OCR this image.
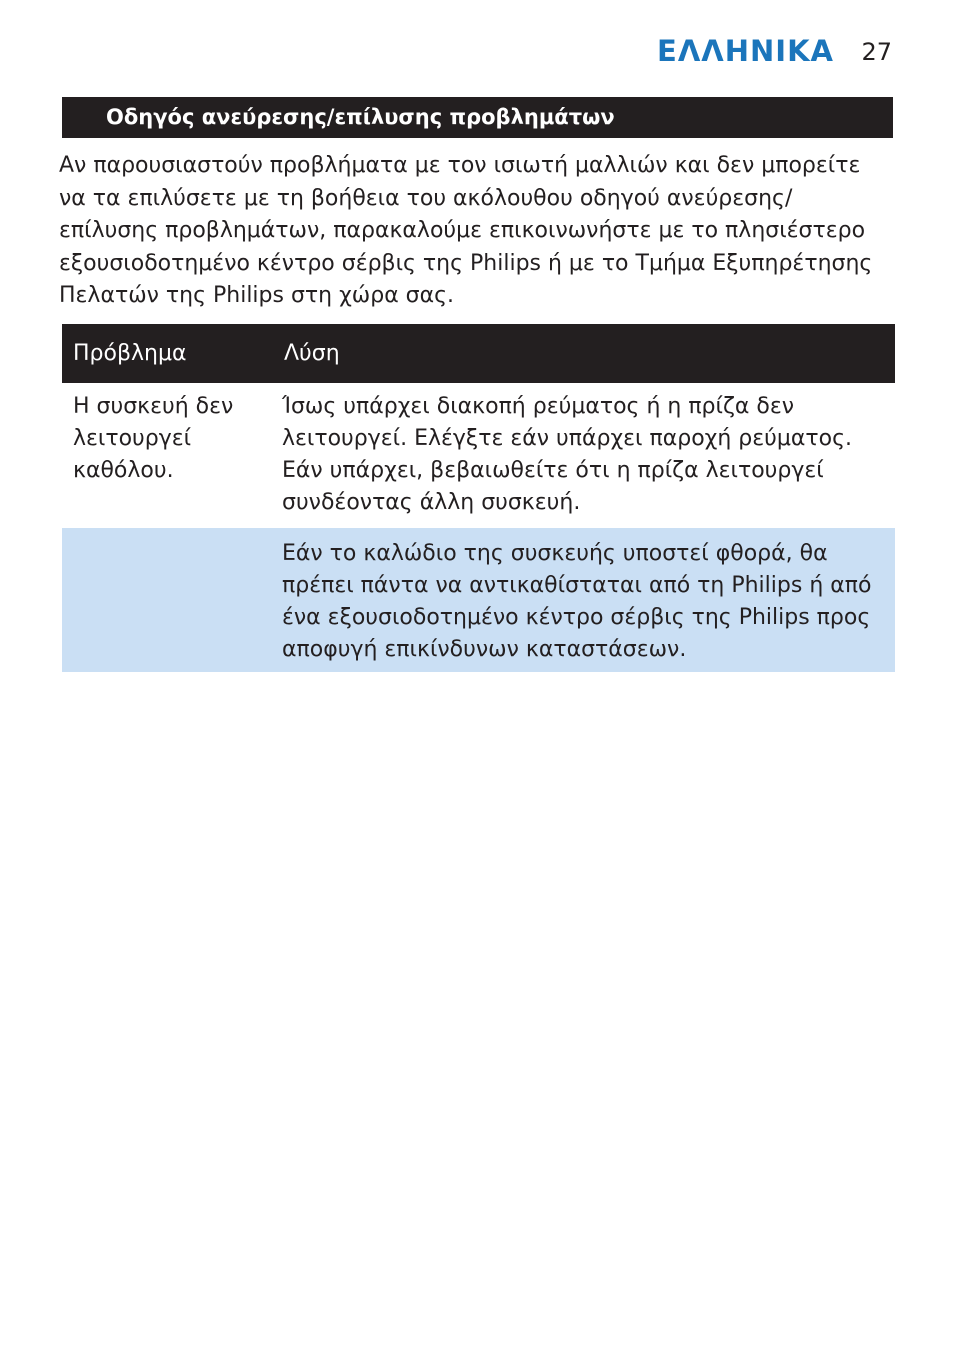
ΕΛΛΗΝΙΚΑ 27
Οδηγός ανεύρεσης/επίλυσης προβλημάτων

Αν παρουσιαστούν προβλήματα με τον ισιωτή μαλλιών και δεν μπορείτε να τα επιλύσετε με τη βοήθεια του ακόλουθου οδηγού ανεύρεσης/επίλυσης προβλημάτων, παρακαλούμε επικοινωνήστε με το πλησιέστερο εξουσιοδοτημένο κέντρο σέρβις της Philips ή με το Τμήμα Εξυπηρέτησης Πελατών της Philips στη χώρα σας.

Πρόβλημα	Λύση
Η συσκευή δεν λειτουργεί καθόλου.	Ίσως υπάρχει διακοπή ρεύματος ή η πρίζα δεν λειτουργεί. Ελέγξτε εάν υπάρχει παροχή ρεύματος. Εάν υπάρχει, βεβαιωθείτε ότι η πρίζα λειτουργεί συνδέοντας άλλη συσκευή.
	Εάν το καλώδιο της συσκευής υποστεί φθορά, θα πρέπει πάντα να αντικαθίσταται από τη Philips ή από ένα εξουσιοδοτημένο κέντρο σέρβις της Philips προς αποφυγή επικίνδυνων καταστάσεων.
